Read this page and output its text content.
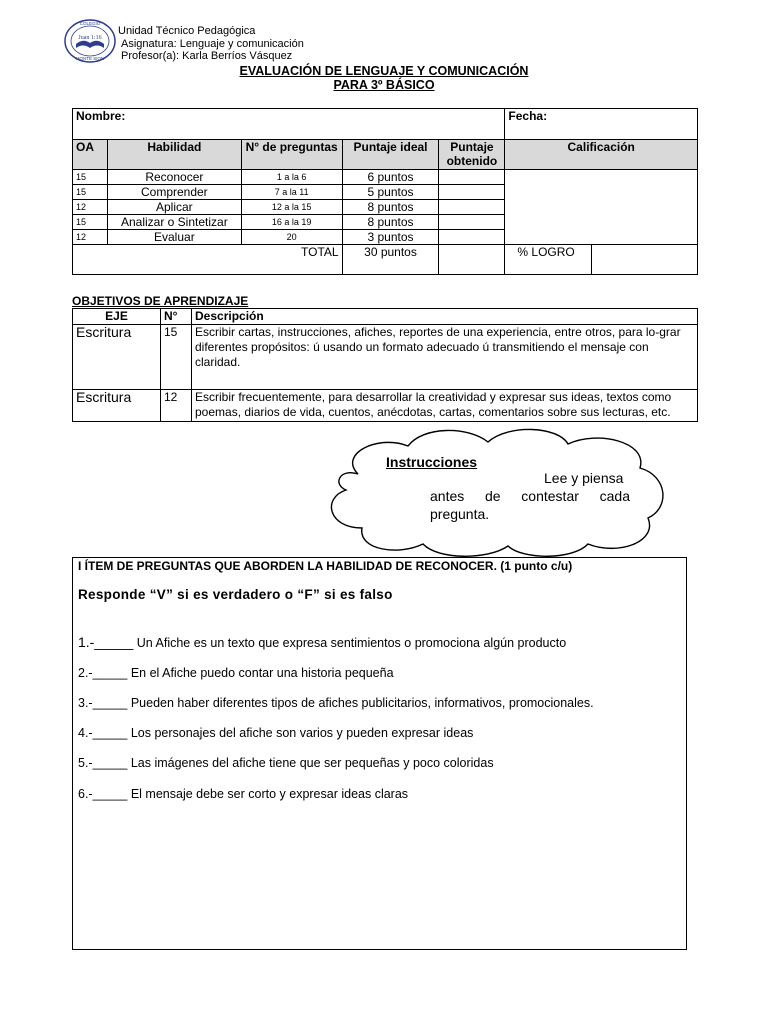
Juan 1:16
COLEGIO
MONTE SION
Unidad Técnico Pedagógica
Asignatura: Lenguaje y comunicación
Profesor(a): Karla Berríos Vásquez
EVALUACIÓN DE LENGUAJE Y COMUNICACIÓN
PARA 3º BÁSICO
Nombre:					Fecha:	
OA	Habilidad	N° de preguntas	Puntaje ideal	Puntaje obtenido	Calificación	
15	Reconocer	1 a la 6	6 puntos			
15	Comprender	7 a la 11	5 puntos			
12	Aplicar	12 a la 15	8 puntos			
15	Analizar o Sintetizar	16 a la 19	8 puntos			
12	Evaluar	20	3 puntos			
TOTAL			30 puntos		% LOGRO	
OBJETIVOS DE APRENDIZAJE
EJE	N°	Descripción
Escritura	15	Escribir cartas, instrucciones, afiches, reportes de una experiencia, entre otros, para lo-grar diferentes propósitos: ú usando un formato adecuado ú transmitiendo el mensaje con claridad.
Escritura	12	Escribir frecuentemente, para desarrollar la creatividad y expresar sus ideas, textos como poemas, diarios de vida, cuentos, anécdotas, cartas, comentarios sobre sus lecturas, etc.
Instrucciones
Lee y piensa
antes de contestar cada
pregunta.
I ÍTEM DE PREGUNTAS QUE ABORDEN LA HABILIDAD DE RECONOCER. (1 punto c/u)
Responde “V” si es verdadero o “F” si es falso
1.-_____ Un Afiche es un texto que expresa sentimientos o promociona algún producto
2.-_____ En el Afiche puedo contar una historia pequeña
3.-_____ Pueden haber diferentes tipos de afiches publicitarios, informativos, promocionales.
4.-_____ Los personajes del afiche son varios y pueden expresar ideas
5.-_____ Las imágenes del afiche tiene que ser pequeñas y poco coloridas
6.-_____ El mensaje debe ser corto y expresar ideas claras
